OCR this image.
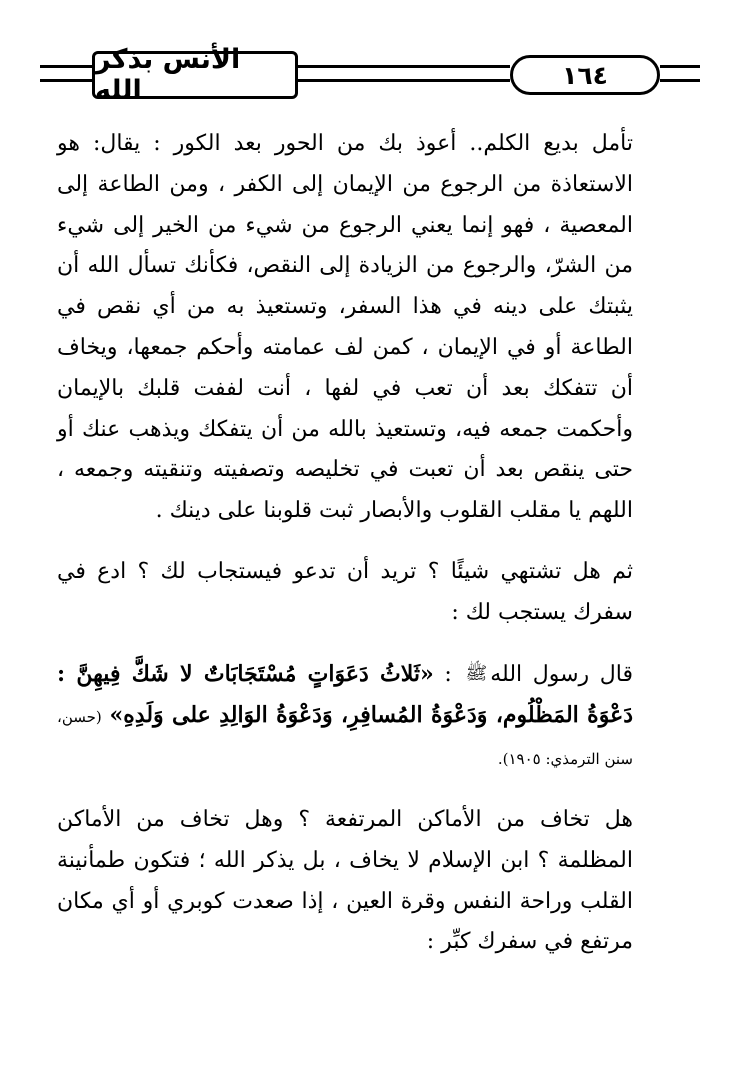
الأنس بذكر الله	١٦٤

تأمل بديع الكلم.. أعوذ بك من الحور بعد الكور : يقال: هو الاستعاذة من الرجوع من الإيمان إلى الكفر ، ومن الطاعة إلى المعصية ، فهو إنما يعني الرجوع من شيء من الخير إلى شيء من الشرّ، والرجوع من الزيادة إلى النقص، فكأنك تسأل الله أن يثبتك على دينه في هذا السفر، وتستعيذ به من أي نقص في الطاعة أو في الإيمان ، كمن لف عمامته وأحكم جمعها، ويخاف أن تتفكك بعد أن تعب في لفها ، أنت لففت قلبك بالإيمان وأحكمت جمعه فيه، وتستعيذ بالله من أن يتفكك ويذهب عنك أو حتى ينقص بعد أن تعبت في تخليصه وتصفيته وتنقيته وجمعه ، اللهم يا مقلب القلوب والأبصار ثبت قلوبنا على دينك .

ثم هل تشتهي شيئًا ؟ تريد أن تدعو فيستجاب لك ؟ ادع في سفرك يستجب لك :

قال رسول اللهﷺ : «ثَلاثُ دَعَوَاتٍ مُسْتَجَابَاتٌ لا شَكَّ فِيهِنَّ : دَعْوَةُ المَظْلُوم، وَدَعْوَةُ المُسافِرِ، وَدَعْوَةُ الوَالِدِ على وَلَدِهِ» (حسن، سنن الترمذي: ١٩٠٥).

هل تخاف من الأماكن المرتفعة ؟ وهل تخاف من الأماكن المظلمة ؟ ابن الإسلام لا يخاف ، بل يذكر الله ؛ فتكون طمأنينة القلب وراحة النفس وقرة العين ، إذا صعدت كوبري أو أي مكان مرتفع في سفرك كبِّر :
